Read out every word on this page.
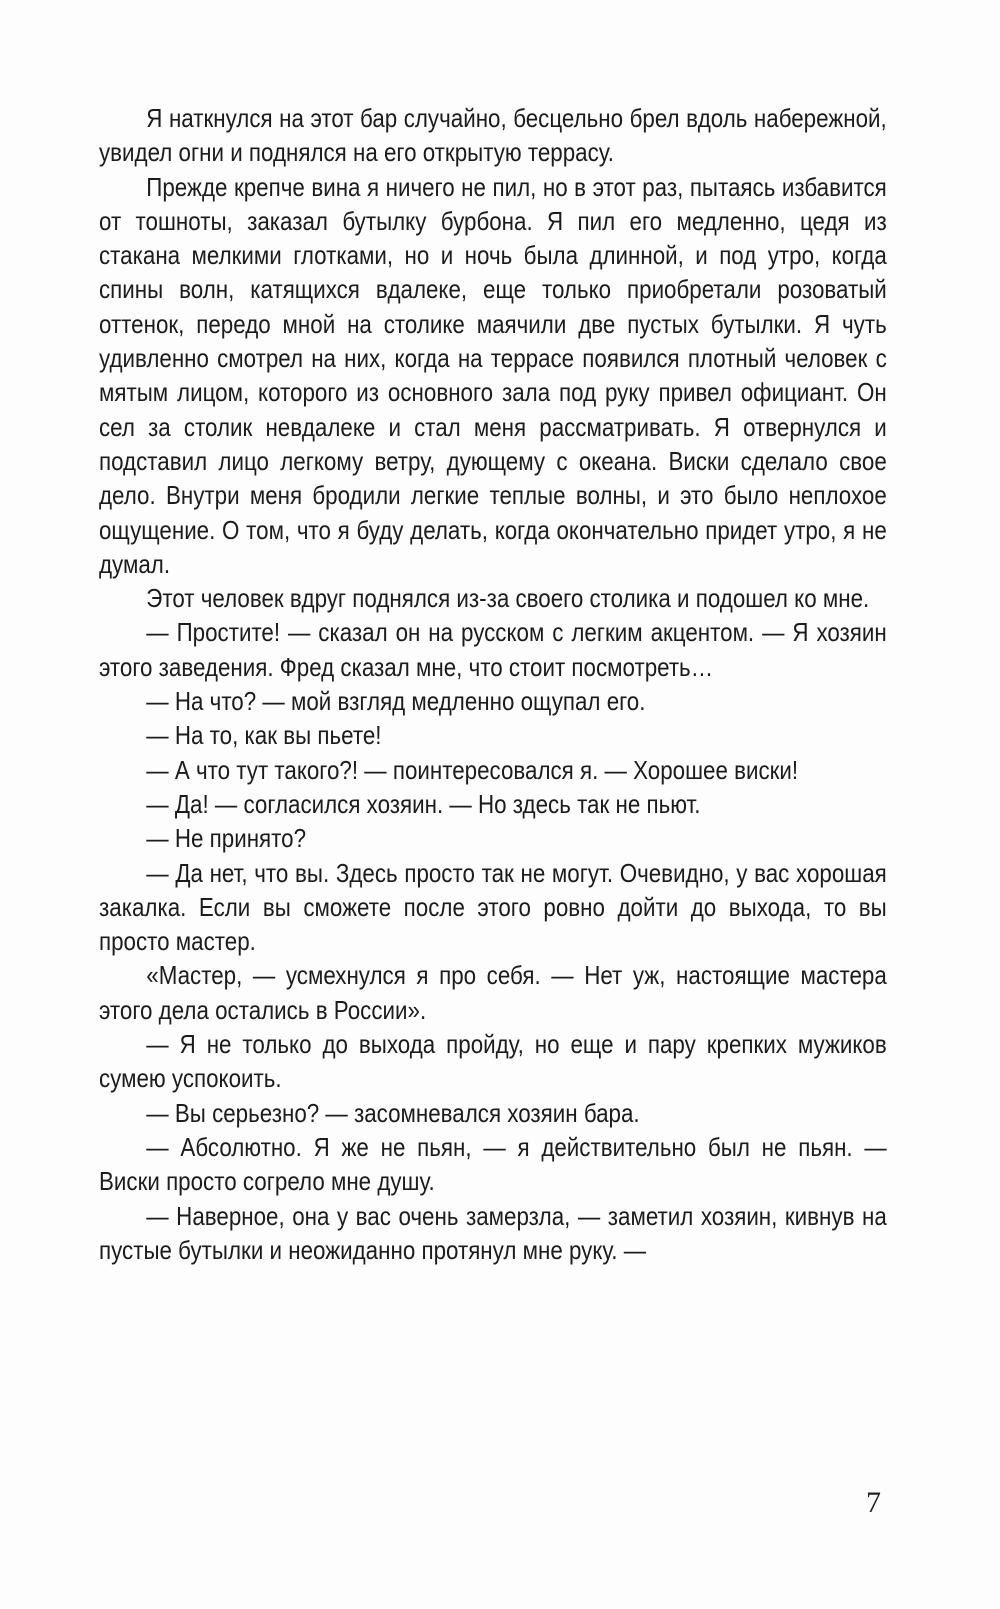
Я наткнулся на этот бар случайно, бесцельно брел вдоль набережной, увидел огни и поднялся на его открытую террасу.

Прежде крепче вина я ничего не пил, но в этот раз, пытаясь избавится от тошноты, заказал бутылку бурбона. Я пил его медленно, цедя из стакана мелкими глотками, но и ночь была длинной, и под утро, когда спины волн, катящихся вдалеке, еще только приобретали розоватый оттенок, передо мной на столике маячили две пустых бутылки. Я чуть удивленно смотрел на них, когда на террасе появился плотный человек с мятым лицом, которого из основного зала под руку привел официант. Он сел за столик невдалеке и стал меня рассматривать. Я отвернулся и подставил лицо легкому ветру, дующему с океана. Виски сделало свое дело. Внутри меня бродили легкие теплые волны, и это было неплохое ощущение. О том, что я буду делать, когда окончательно придет утро, я не думал.

Этот человек вдруг поднялся из-за своего столика и подошел ко мне.

— Простите! — сказал он на русском с легким акцентом. — Я хозяин этого заведения. Фред сказал мне, что стоит посмотреть…

— На что? — мой взгляд медленно ощупал его.

— На то, как вы пьете!

— А что тут такого?! — поинтересовался я. — Хорошее виски!

— Да! — согласился хозяин. — Но здесь так не пьют.

— Не принято?

— Да нет, что вы. Здесь просто так не могут. Очевидно, у вас хорошая закалка. Если вы сможете после этого ровно дойти до выхода, то вы просто мастер.

«Мастер, — усмехнулся я про себя. — Нет уж, настоящие мастера этого дела остались в России».

— Я не только до выхода пройду, но еще и пару крепких мужиков сумею успокоить.

— Вы серьезно? — засомневался хозяин бара.

— Абсолютно. Я же не пьян, — я действительно был не пьян. — Виски просто согрело мне душу.

— Наверное, она у вас очень замерзла, — заметил хозяин, кивнув на пустые бутылки и неожиданно протянул мне руку. —

7
